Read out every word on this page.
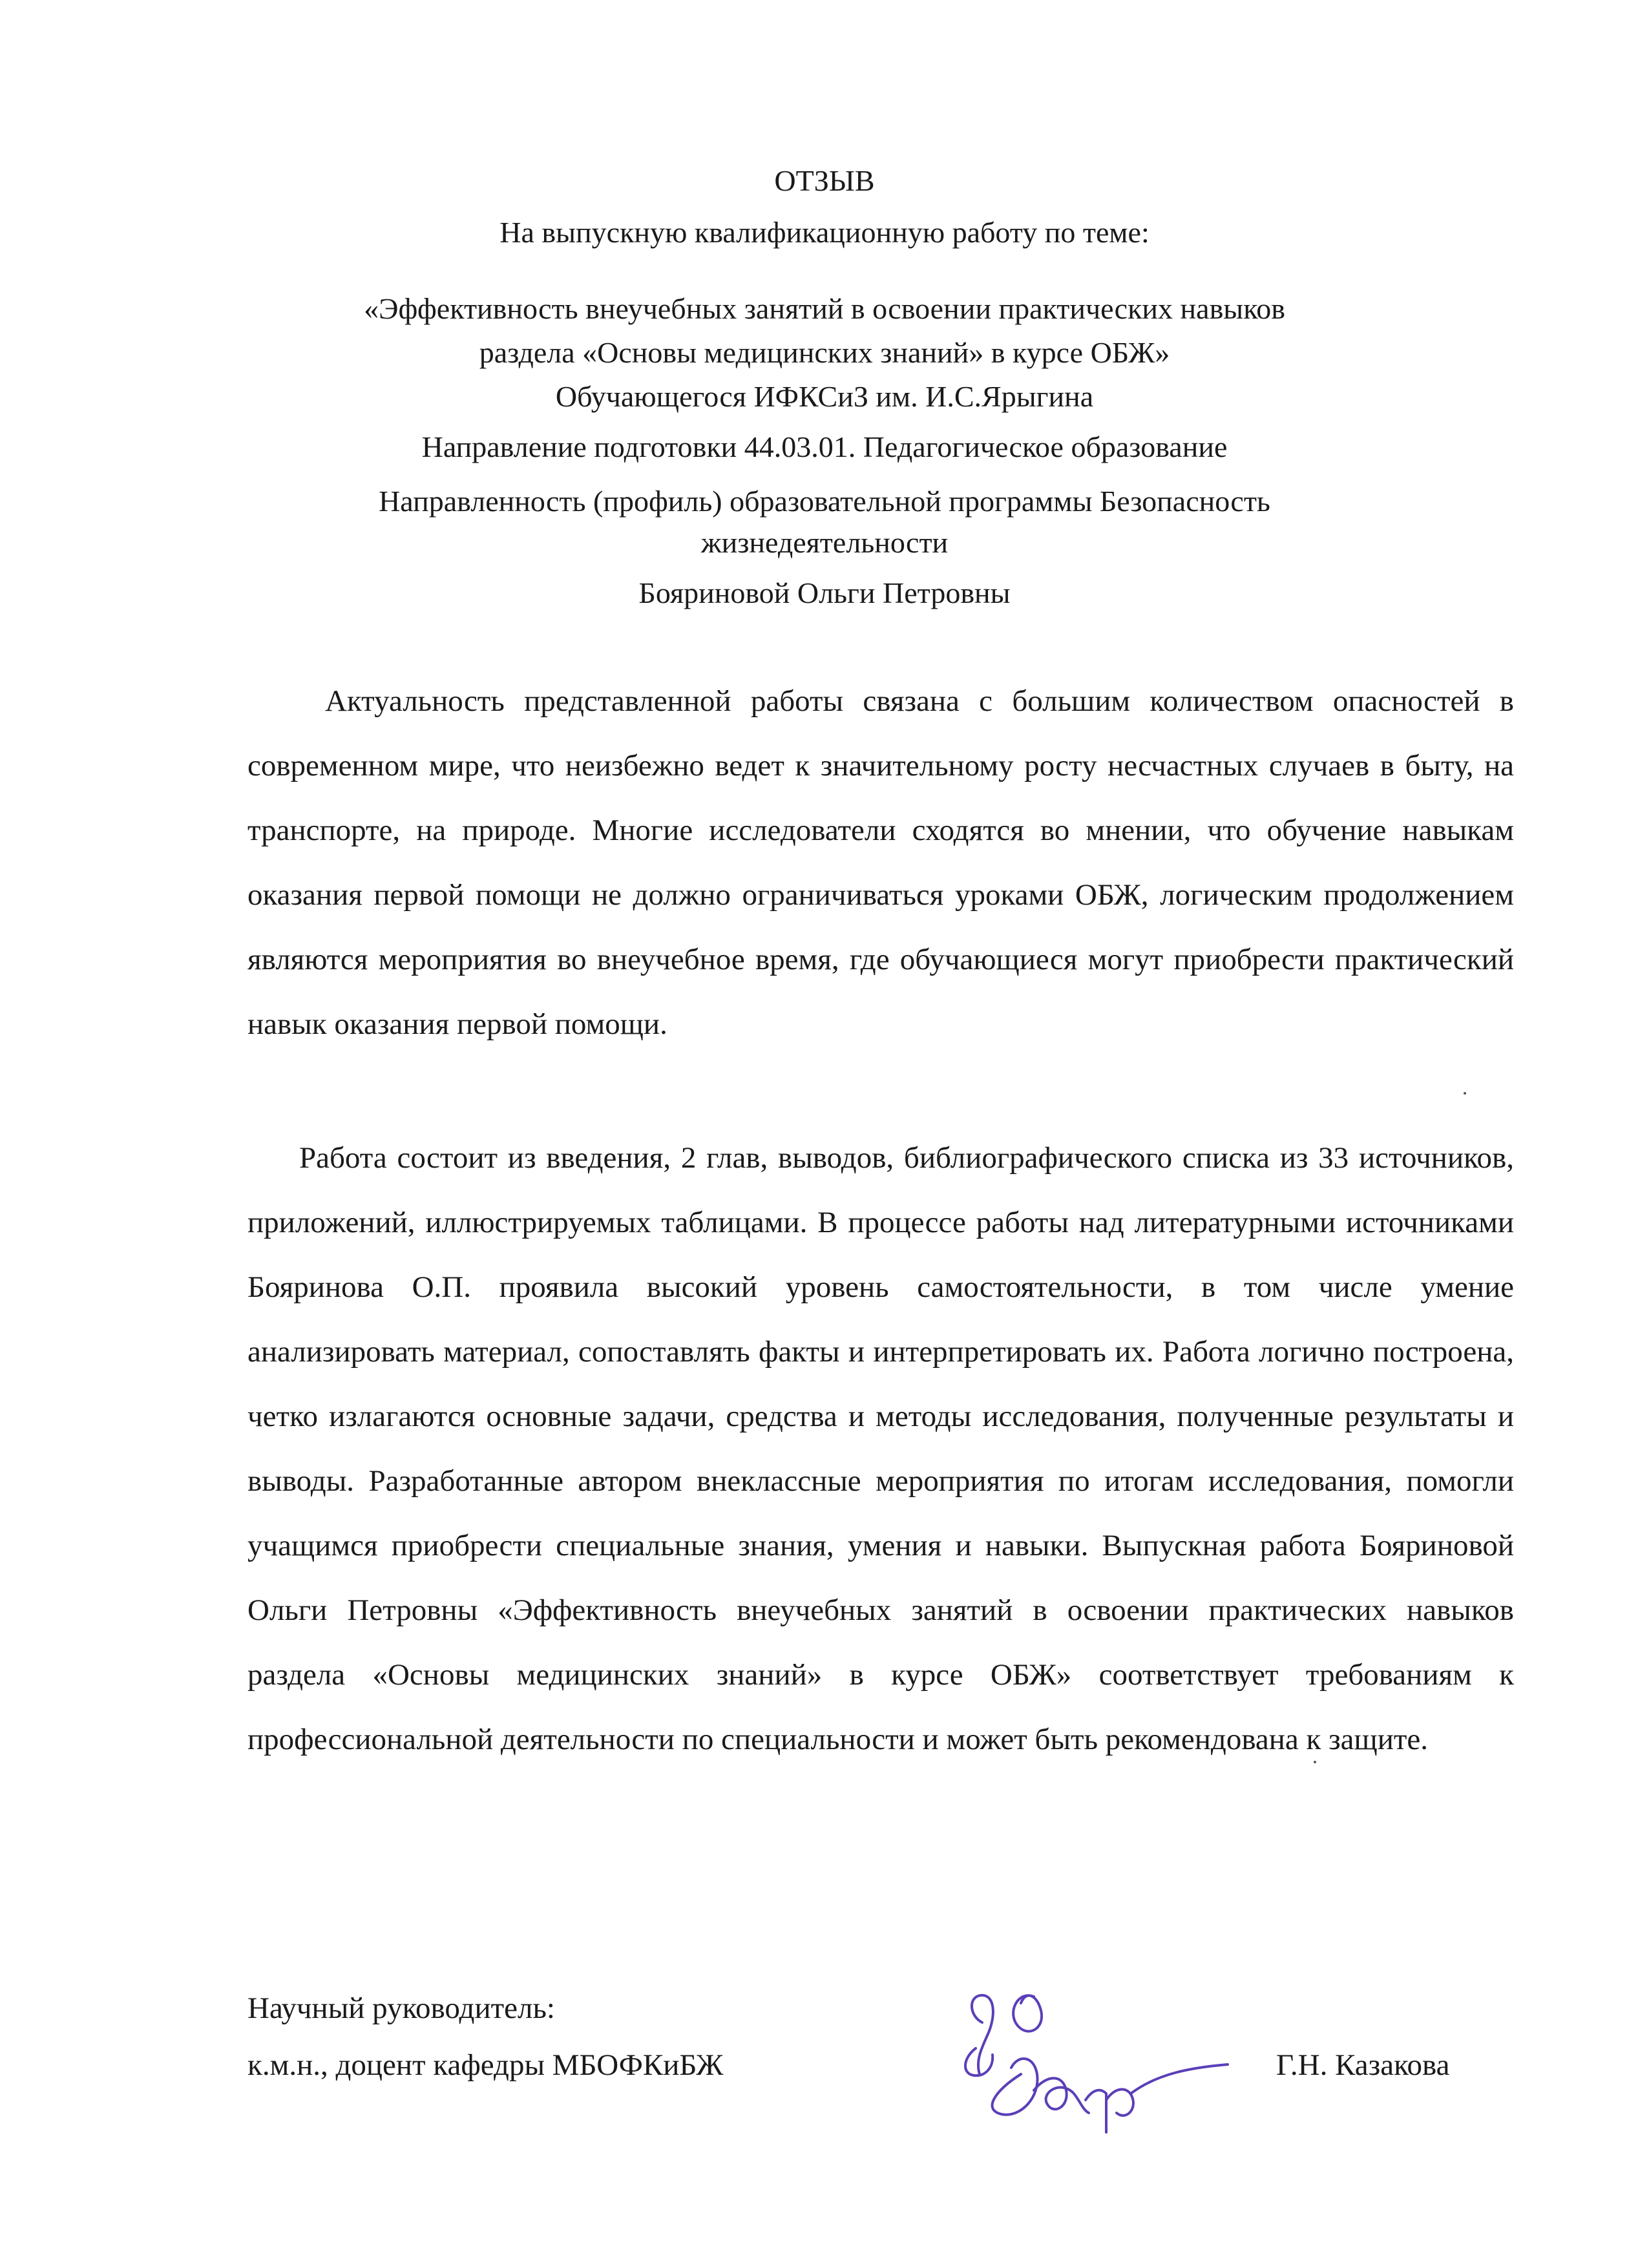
ОТЗЫВ
На выпускную квалификационную работу по теме:
«Эффективность внеучебных занятий в освоении практических навыков
раздела «Основы медицинских знаний» в курсе ОБЖ»
Обучающегося ИФКСиЗ им. И.С.Ярыгина
Направление подготовки 44.03.01. Педагогическое образование
Направленность (профиль) образовательной программы Безопасность
жизнедеятельности
Бояриновой Ольги Петровны
Актуальность представленной работы связана с большим количеством опасностей в современном мире, что неизбежно ведет к значительному росту несчастных случаев в быту, на транспорте, на природе. Многие исследователи сходятся во мнении, что обучение навыкам оказания первой помощи не должно ограничиваться уроками ОБЖ, логическим продолжением являются мероприятия во внеучебное время, где обучающиеся могут приобрести практический навык оказания первой помощи.
Работа состоит из введения, 2 глав, выводов, библиографического списка из 33 источников, приложений, иллюстрируемых таблицами. В процессе работы над литературными источниками Бояринова О.П. проявила высокий уровень самостоятельности, в том числе умение анализировать материал, сопоставлять факты и интерпретировать их. Работа логично построена, четко излагаются основные задачи, средства и методы исследования, полученные результаты и выводы. Разработанные автором внеклассные мероприятия по итогам исследования, помогли учащимся приобрести специальные знания, умения и навыки. Выпускная работа Бояриновой Ольги Петровны «Эффективность внеучебных занятий в освоении практических навыков раздела «Основы медицинских знаний» в курсе ОБЖ» соответствует требованиям к профессиональной деятельности по специальности и может быть рекомендована к защите.
Научный руководитель:
к.м.н., доцент кафедры МБОФКиБЖ	Г.Н. Казакова
